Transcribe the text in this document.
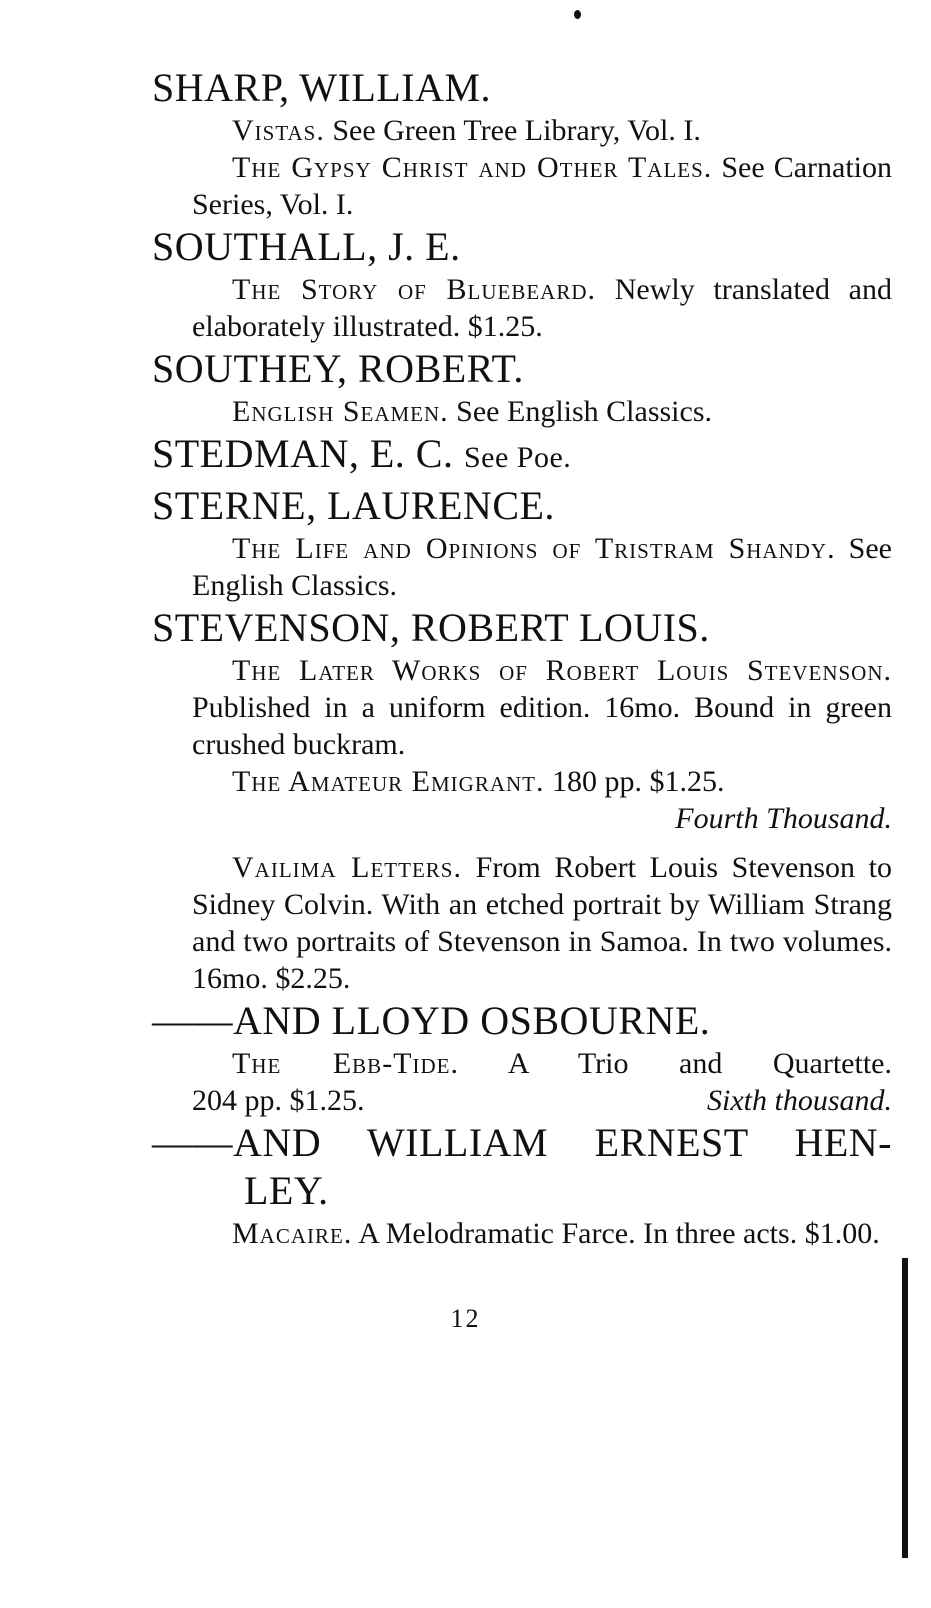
SHARP, WILLIAM.

Vistas. See Green Tree Library, Vol. I.

The Gypsy Christ and Other Tales. See Carnation Series, Vol. I.

SOUTHALL, J. E.

The Story of Bluebeard. Newly translated and elaborately illustrated. $1.25.

SOUTHEY, ROBERT.

English Seamen. See English Classics.

STEDMAN, E. C. See Poe.
STERNE, LAURENCE.

The Life and Opinions of Tristram Shandy. See English Classics.

STEVENSON, ROBERT LOUIS.

The Later Works of Robert Louis Stevenson. Published in a uniform edition. 16mo. Bound in green crushed buckram.

The Amateur Emigrant. 180 pp. $1.25.

Fourth Thousand.

Vailima Letters. From Robert Louis Stevenson to Sidney Colvin. With an etched portrait by William Strang and two portraits of Stevenson in Samoa. In two volumes. 16mo. $2.25.

——AND LLOYD OSBOURNE.

The Ebb-Tide. A Trio and Quartette.

204 pp. $1.25.	Sixth thousand.
——AND WILLIAM ERNEST HEN-
LEY.

Macaire. A Melodramatic Farce. In three acts. $1.00.

12
